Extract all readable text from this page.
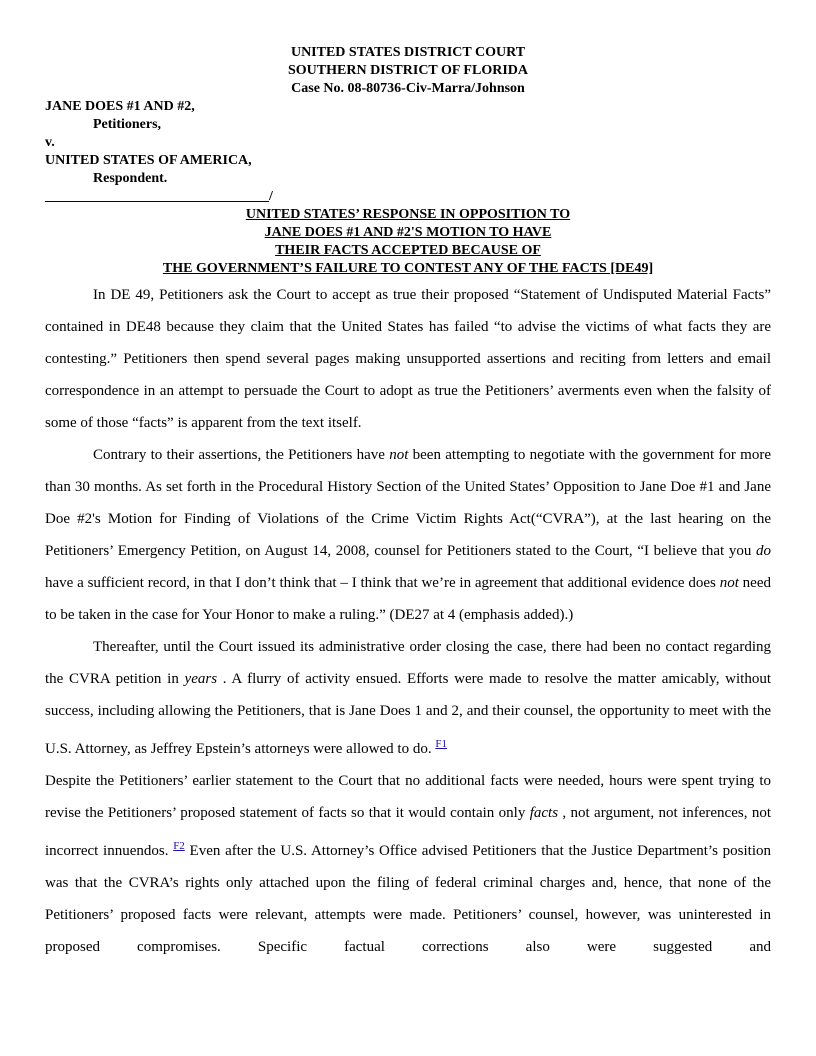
UNITED STATES DISTRICT COURT
SOUTHERN DISTRICT OF FLORIDA
Case No. 08-80736-Civ-Marra/Johnson
JANE DOES #1 AND #2,
Petitioners,
v.
UNITED STATES OF AMERICA,
Respondent.
________________________________/
UNITED STATES’ RESPONSE IN OPPOSITION TO
JANE DOES #1 AND #2'S MOTION TO HAVE
THEIR FACTS ACCEPTED BECAUSE OF
THE GOVERNMENT’S FAILURE TO CONTEST ANY OF THE FACTS [DE49]

In DE 49, Petitioners ask the Court to accept as true their proposed “Statement of Undisputed Material Facts” contained in DE48 because they claim that the United States has failed “to advise the victims of what facts they are contesting.” Petitioners then spend several pages making unsupported assertions and reciting from letters and email correspondence in an attempt to persuade the Court to adopt as true the Petitioners’ averments even when the falsity of some of those “facts” is apparent from the text itself.

Contrary to their assertions, the Petitioners have not been attempting to negotiate with the government for more than 30 months. As set forth in the Procedural History Section of the United States’ Opposition to Jane Doe #1 and Jane Doe #2's Motion for Finding of Violations of the Crime Victim Rights Act(“CVRA”), at the last hearing on the Petitioners’ Emergency Petition, on August 14, 2008, counsel for Petitioners stated to the Court, “I believe that you do have a sufficient record, in that I don’t think that – I think that we’re in agreement that additional evidence does not need to be taken in the case for Your Honor to make a ruling.” (DE27 at 4 (emphasis added).)

Thereafter, until the Court issued its administrative order closing the case, there had been no contact regarding the CVRA petition in years . A flurry of activity ensued. Efforts were made to resolve the matter amicably, without success, including allowing the Petitioners, that is Jane Does 1 and 2, and their counsel, the opportunity to meet with the U.S. Attorney, as Jeffrey Epstein’s attorneys were allowed to do. $^{F1}$

Despite the Petitioners’ earlier statement to the Court that no additional facts were needed, hours were spent trying to revise the Petitioners’ proposed statement of facts so that it would contain only facts , not argument, not inferences, not incorrect innuendos. $^{F2}$ Even after the U.S. Attorney’s Office advised Petitioners that the Justice Department’s position was that the CVRA’s rights only attached upon the filing of federal criminal charges and, hence, that none of the Petitioners’ proposed facts were relevant, attempts were made. Petitioners’ counsel, however, was uninterested in proposed compromises. Specific factual corrections also were suggested and
